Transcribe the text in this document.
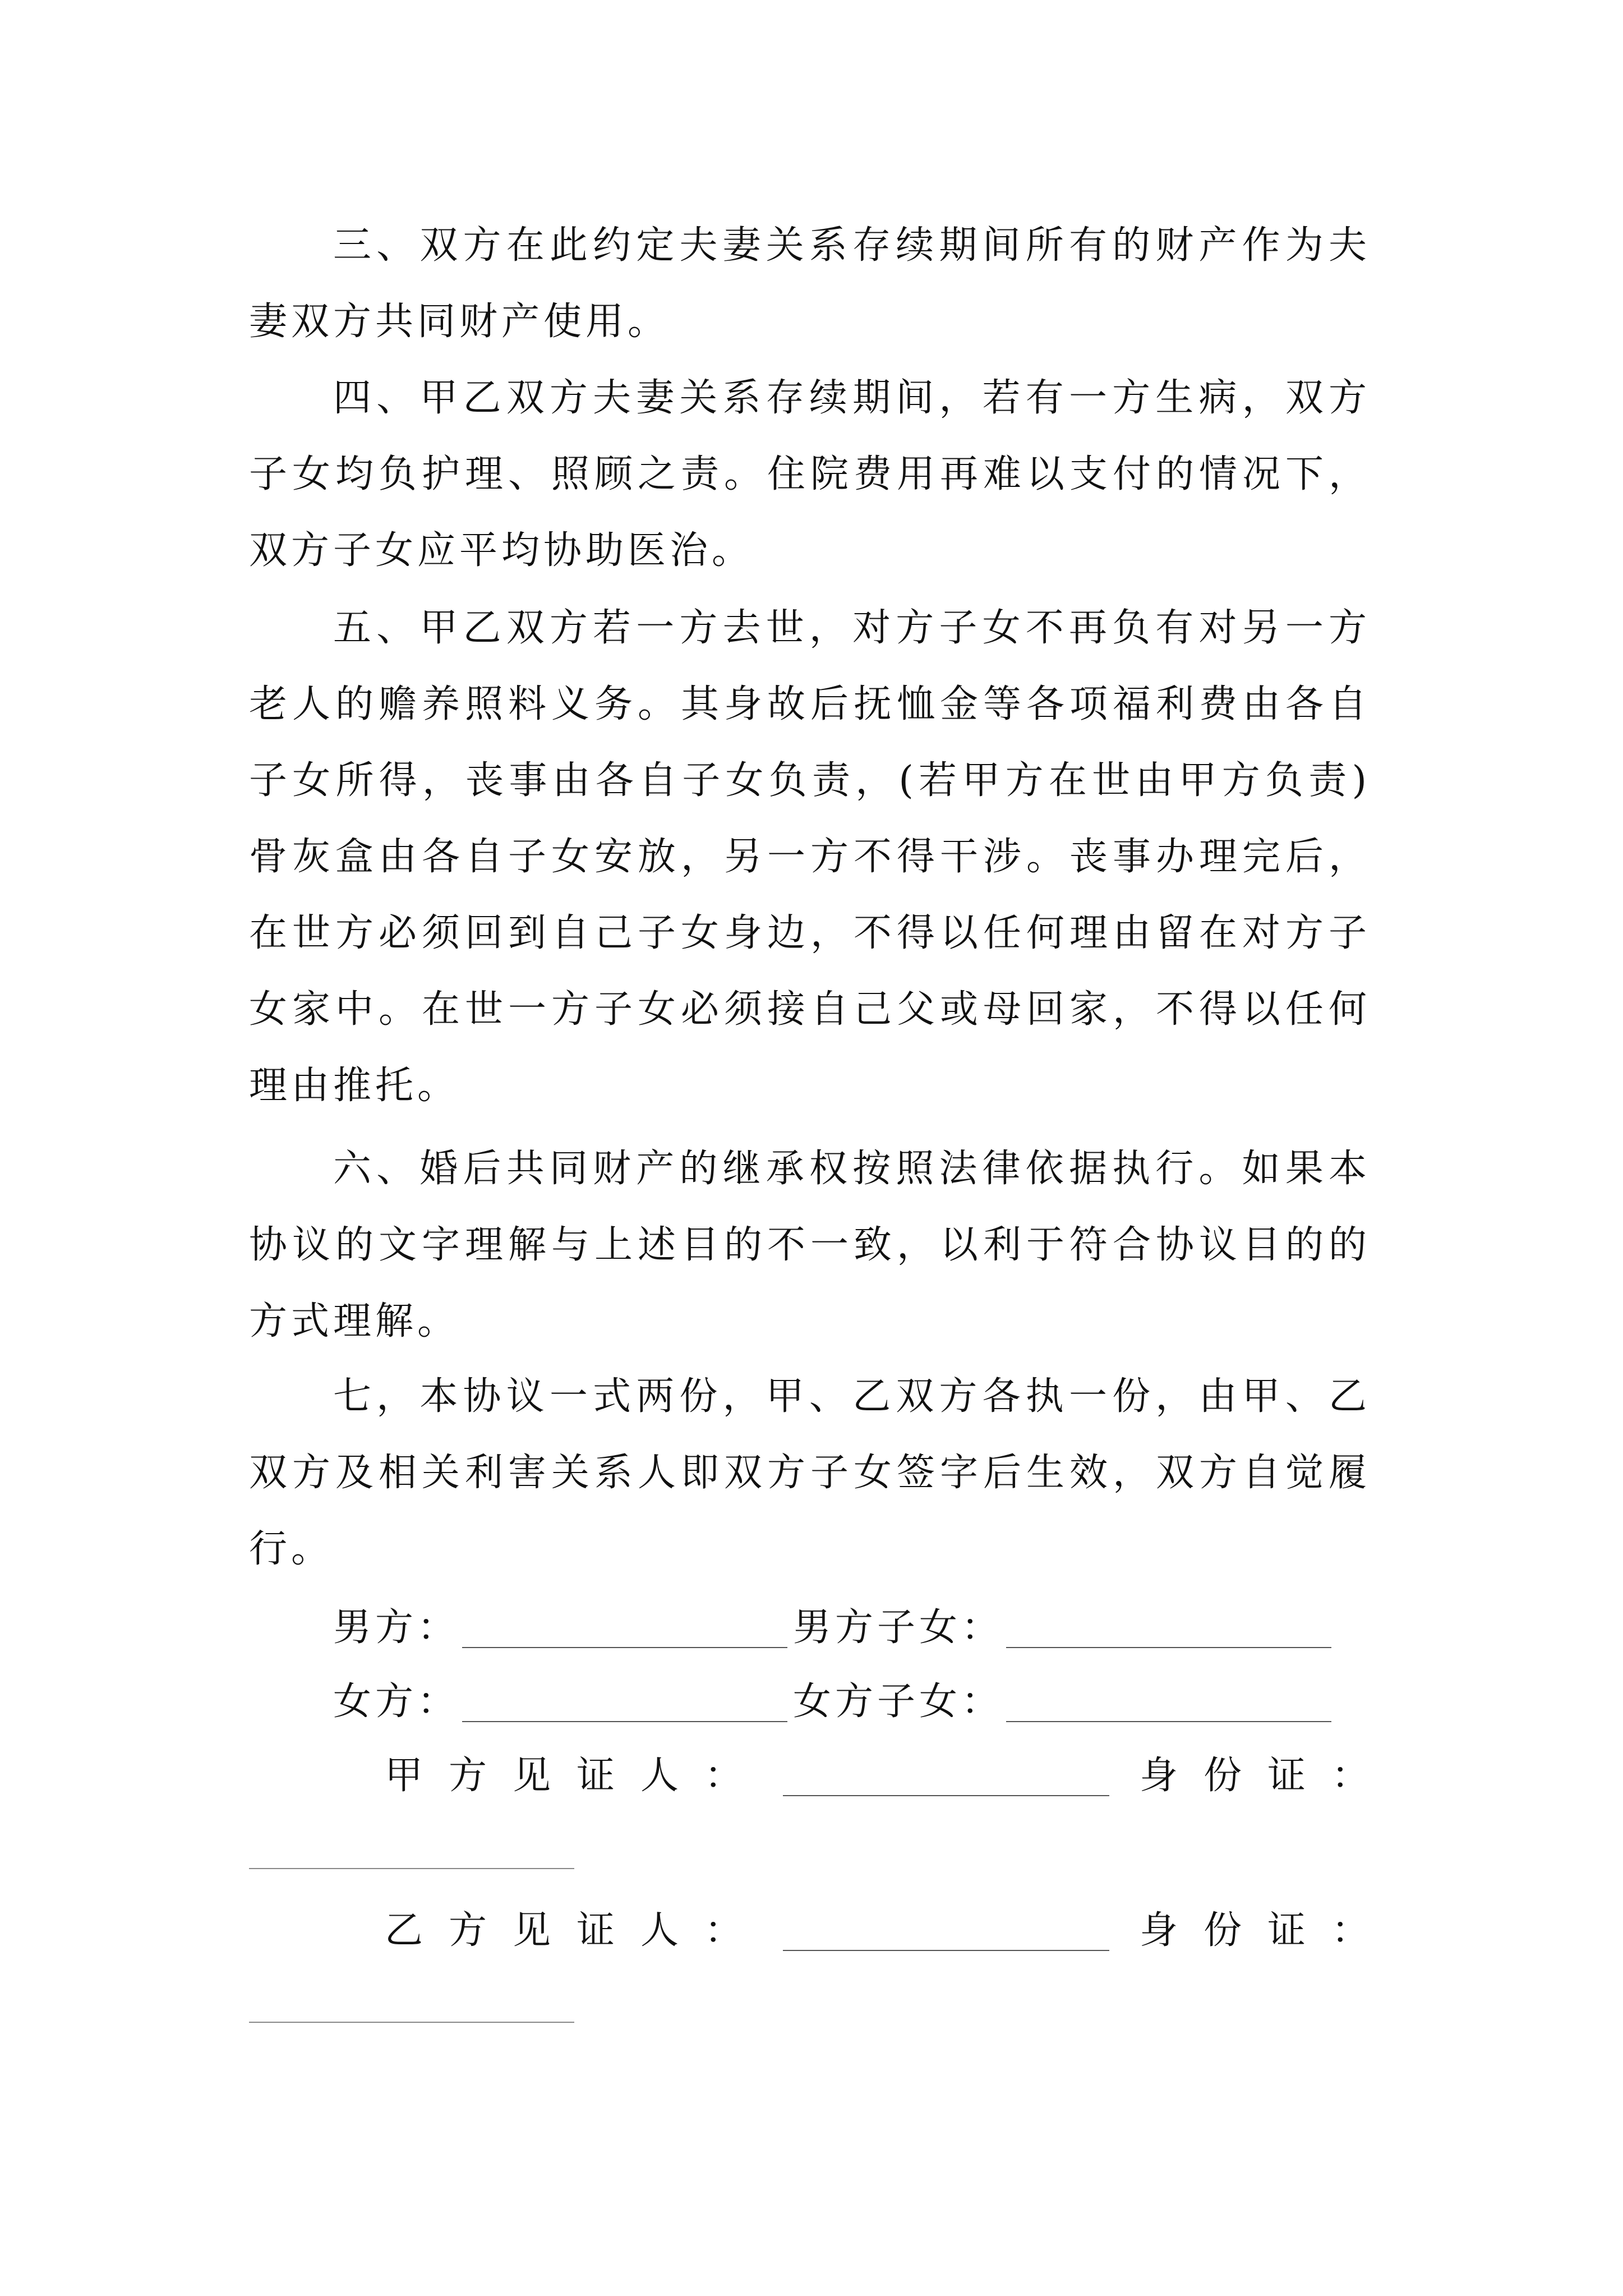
三、双方在此约定夫妻关系存续期间所有的财产作为夫妻双方共同财产使用。

四、甲乙双方夫妻关系存续期间，若有一方生病，双方子女均负护理、照顾之责。住院费用再难以支付的情况下，双方子女应平均协助医治。

五、甲乙双方若一方去世，对方子女不再负有对另一方老人的赡养照料义务。其身故后抚恤金等各项福利费由各自子女所得，丧事由各自子女负责，(若甲方在世由甲方负责)骨灰盒由各自子女安放，另一方不得干涉。丧事办理完后，在世方必须回到自己子女身边，不得以任何理由留在对方子女家中。在世一方子女必须接自己父或母回家，不得以任何理由推托。

六、婚后共同财产的继承权按照法律依据执行。如果本协议的文字理解与上述目的不一致，以利于符合协议目的的方式理解。

七，本协议一式两份，甲、乙双方各执一份，由甲、乙双方及相关利害关系人即双方子女签字后生效，双方自觉履行。

男方：	男方子女：
女方：	女方子女：
甲方见证人：	身份证：
乙方见证人：	身份证：
